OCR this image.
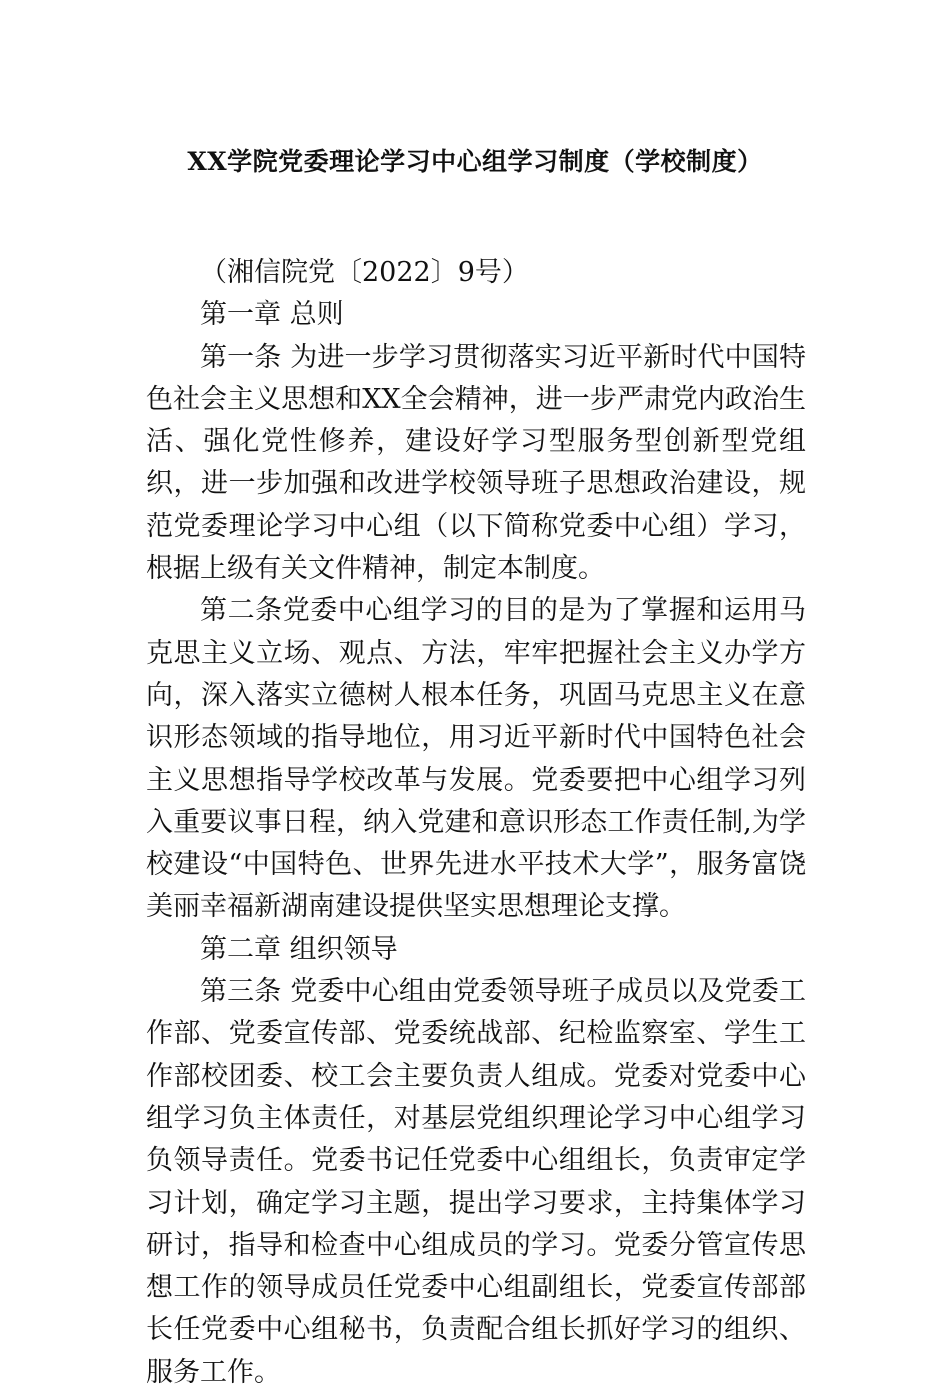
XX学院党委理论学习中心组学习制度（学校制度）

（湘信院党〔2022〕9号）

第一章 总则

第一条 为进一步学习贯彻落实习近平新时代中国特色社会主义思想和XX全会精神，进一步严肃党内政治生活、强化党性修养，建设好学习型服务型创新型党组织，进一步加强和改进学校领导班子思想政治建设，规范党委理论学习中心组（以下简称党委中心组）学习，根据上级有关文件精神，制定本制度。

第二条党委中心组学习的目的是为了掌握和运用马克思主义立场、观点、方法，牢牢把握社会主义办学方向，深入落实立德树人根本任务，巩固马克思主义在意识形态领域的指导地位，用习近平新时代中国特色社会主义思想指导学校改革与发展。党委要把中心组学习列入重要议事日程，纳入党建和意识形态工作责任制,为学校建设“中国特色、世界先进水平技术大学”，服务富饶美丽幸福新湖南建设提供坚实思想理论支撑。

第二章 组织领导

第三条 党委中心组由党委领导班子成员以及党委工作部、党委宣传部、党委统战部、纪检监察室、学生工作部校团委、校工会主要负责人组成。党委对党委中心组学习负主体责任，对基层党组织理论学习中心组学习负领导责任。党委书记任党委中心组组长，负责审定学习计划，确定学习主题，提出学习要求，主持集体学习研讨，指导和检查中心组成员的学习。党委分管宣传思想工作的领导成员任党委中心组副组长，党委宣传部部长任党委中心组秘书，负责配合组长抓好学习的组织、服务工作。
